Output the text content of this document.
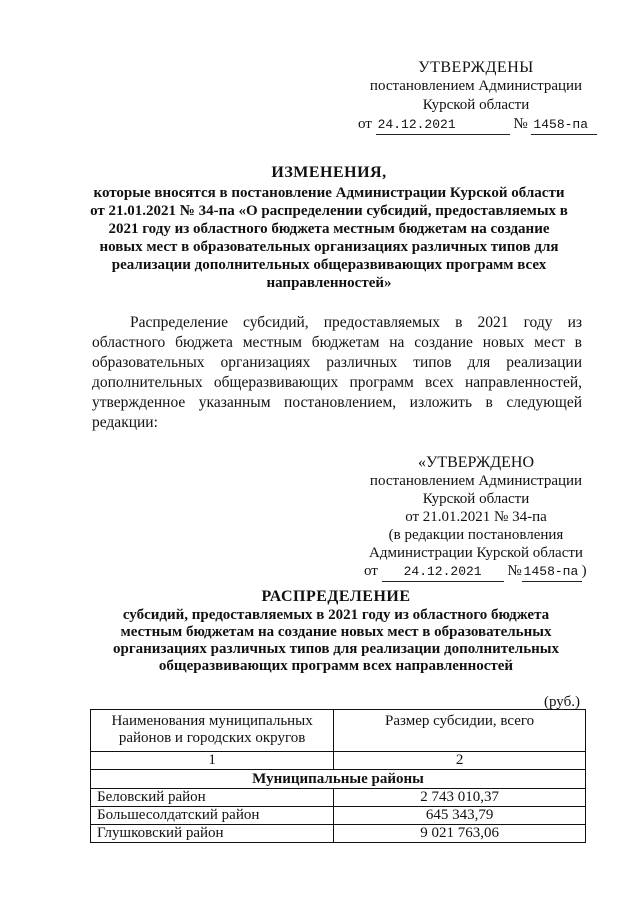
УТВЕРЖДЕНЫ
постановлением Администрации
Курской области
от 24.12.2021	№ 1458-па
ИЗМЕНЕНИЯ,
которые вносятся в постановление Администрации Курской области
от 21.01.2021 № 34-па «О распределении субсидий, предоставляемых в
2021 году из областного бюджета местным бюджетам на создание
новых мест в образовательных организациях различных типов для
реализации дополнительных общеразвивающих программ всех
направленностей»
Распределение субсидий, предоставляемых в 2021 году из областного бюджета местным бюджетам на создание новых мест в образовательных организациях различных типов для реализации дополнительных общеразвивающих программ всех направленностей, утвержденное указанным постановлением, изложить в следующей редакции:
«УТВЕРЖДЕНО
постановлением Администрации
Курской области
от 21.01.2021 № 34-па
(в редакции постановления
Администрации Курской области
от 24.12.2021 № 1458-па )
РАСПРЕДЕЛЕНИЕ
субсидий, предоставляемых в 2021 году из областного бюджета
местным бюджетам на создание новых мест в образовательных
организациях различных типов для реализации дополнительных
общеразвивающих программ всех направленностей
(руб.)
Наименования муниципальных районов и городских округов	Размер субсидии, всего
1	2
Муниципальные районы	
Беловский район	2 743 010,37
Большесолдатский район	645 343,79
Глушковский район	9 021 763,06
